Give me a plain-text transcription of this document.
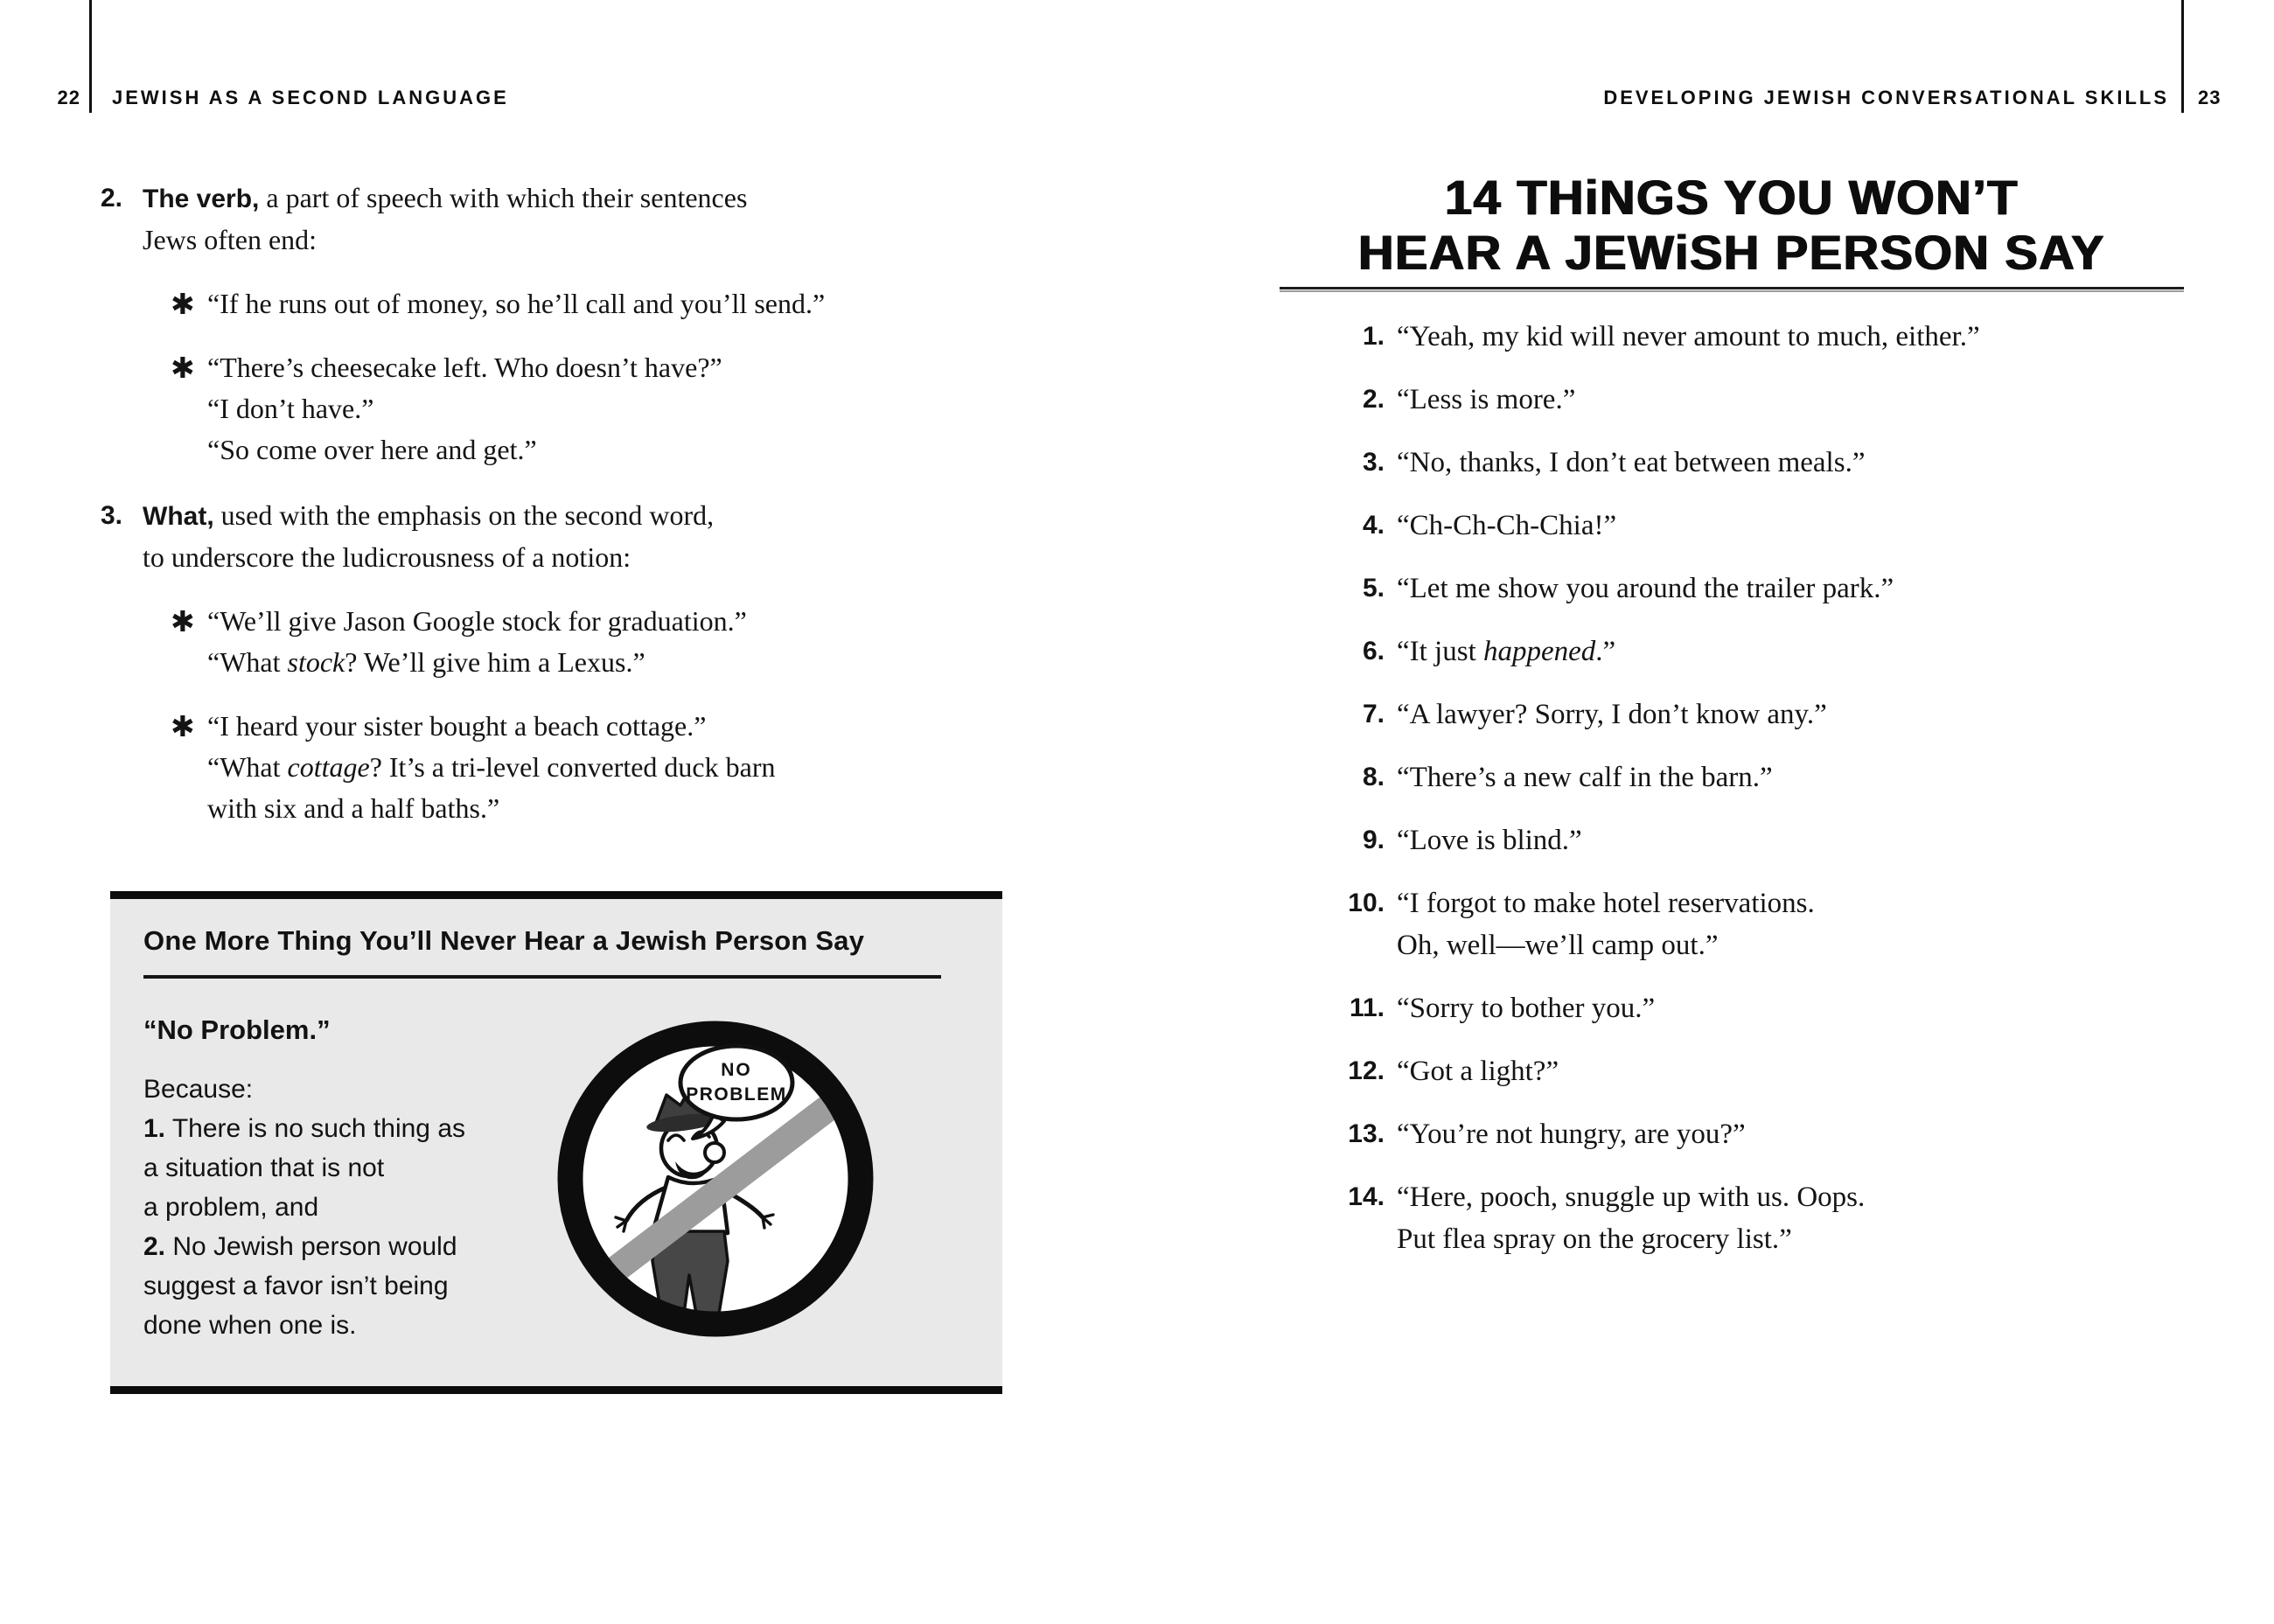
22 JEWISH AS A SECOND LANGUAGE	DEVELOPING JEWISH CONVERSATIONAL SKILLS 23
2. The verb, a part of speech with which their sentences
Jews often end:
✱ “If he runs out of money, so he’ll call and you’ll send.”
✱ “There’s cheesecake left. Who doesn’t have?”
“I don’t have.”
“So come over here and get.”
3. What, used with the emphasis on the second word,
to underscore the ludicrousness of a notion:
✱ “We’ll give Jason Google stock for graduation.”
“What stock? We’ll give him a Lexus.”
✱ “I heard your sister bought a beach cottage.”
“What cottage? It’s a tri-level converted duck barn
with six and a half baths.”
One More Thing You’ll Never Hear a Jewish Person Say
“No Problem.”
Because:
1. There is no such thing as
a situation that is not
a problem, and
2. No Jewish person would
suggest a favor isn’t being
done when one is.
NO
PROBLEM
14 THiNGS YOU WON’T
HEAR A JEWiSH PERSON SAY
1. “Yeah, my kid will never amount to much, either.”
2. “Less is more.”
3. “No, thanks, I don’t eat between meals.”
4. “Ch-Ch-Ch-Chia!”
5. “Let me show you around the trailer park.”
6. “It just happened.”
7. “A lawyer? Sorry, I don’t know any.”
8. “There’s a new calf in the barn.”
9. “Love is blind.”
10. “I forgot to make hotel reservations.
Oh, well—we’ll camp out.”
11. “Sorry to bother you.”
12. “Got a light?”
13. “You’re not hungry, are you?”
14. “Here, pooch, snuggle up with us. Oops.
Put flea spray on the grocery list.”
